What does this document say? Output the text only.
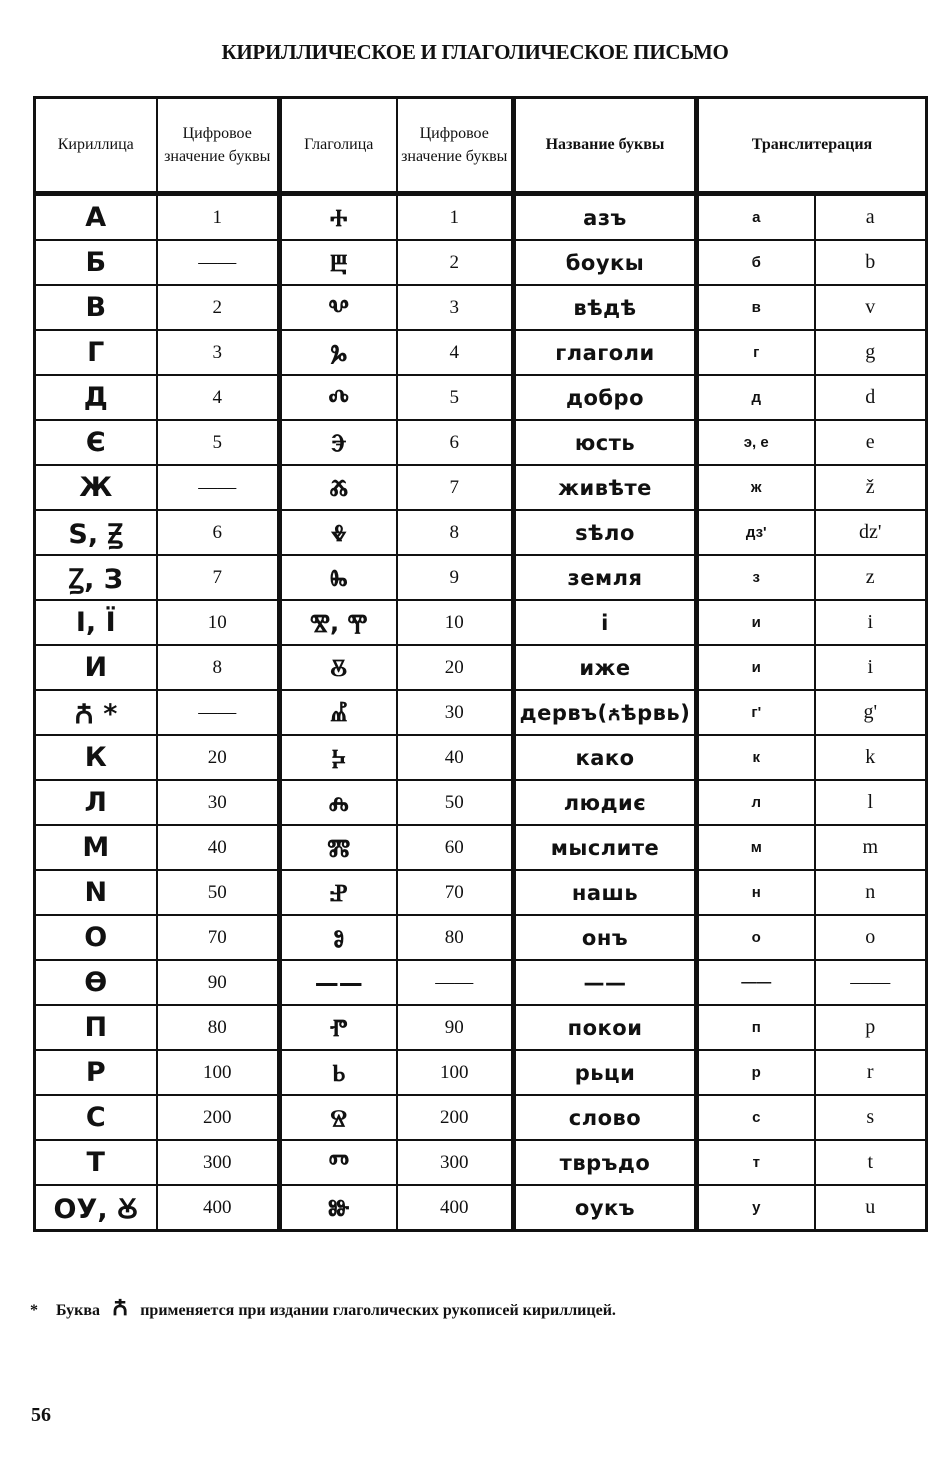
КИРИЛЛИЧЕСКОЕ И ГЛАГОЛИЧЕСКОЕ ПИСЬМО
Кириллица	Цифровое значение буквы	Глаголица	Цифровое значение буквы	Название буквы	Транслитерация	
А	1	Ⰰ	1	азъ	а	a
Б	——	Ⰱ	2	боукы	б	b
В	2	Ⰲ	3	вѣдѣ	в	v
Г	3	Ⰳ	4	глаголи	г	g
Д	4	Ⰴ	5	добро	д	d
Є	5	Ⰵ	6	юсть	э, е	e
Ж	——	Ⰶ	7	живѣте	ж	ž
Ѕ, Ꙃ	6	Ⰷ	8	ѕѣло	дз'	dz'
Ꙁ, З	7	Ⰸ	9	земля	з	z
І, Ї	10	Ⰺ, Ⰹ	10	і	и	i
И	8	Ⰻ	20	иже	и	i
Ꙉ *	——	Ⰼ	30	дервъ(ꙉѣрвь)	г'	g'
К	20	Ⰽ	40	како	к	k
Л	30	Ⰾ	50	людиє	л	l
М	40	Ⰿ	60	мыслите	м	m
N	50	Ⱀ	70	нашь	н	n
О	70	Ⱁ	80	онъ	о	o
Ѳ	90	——	——	——	——	——
П	80	Ⱂ	90	покои	п	p
Р	100	Ⱃ	100	рьци	р	r
С	200	Ⱄ	200	слово	с	s
Т	300	Ⱅ	300	твръдо	т	t
ОУ, Ꙋ	400	Ⱆ	400	оукъ	у	u
* Буква Ꙉ применяется при издании глаголических рукописей кириллицей.
56
